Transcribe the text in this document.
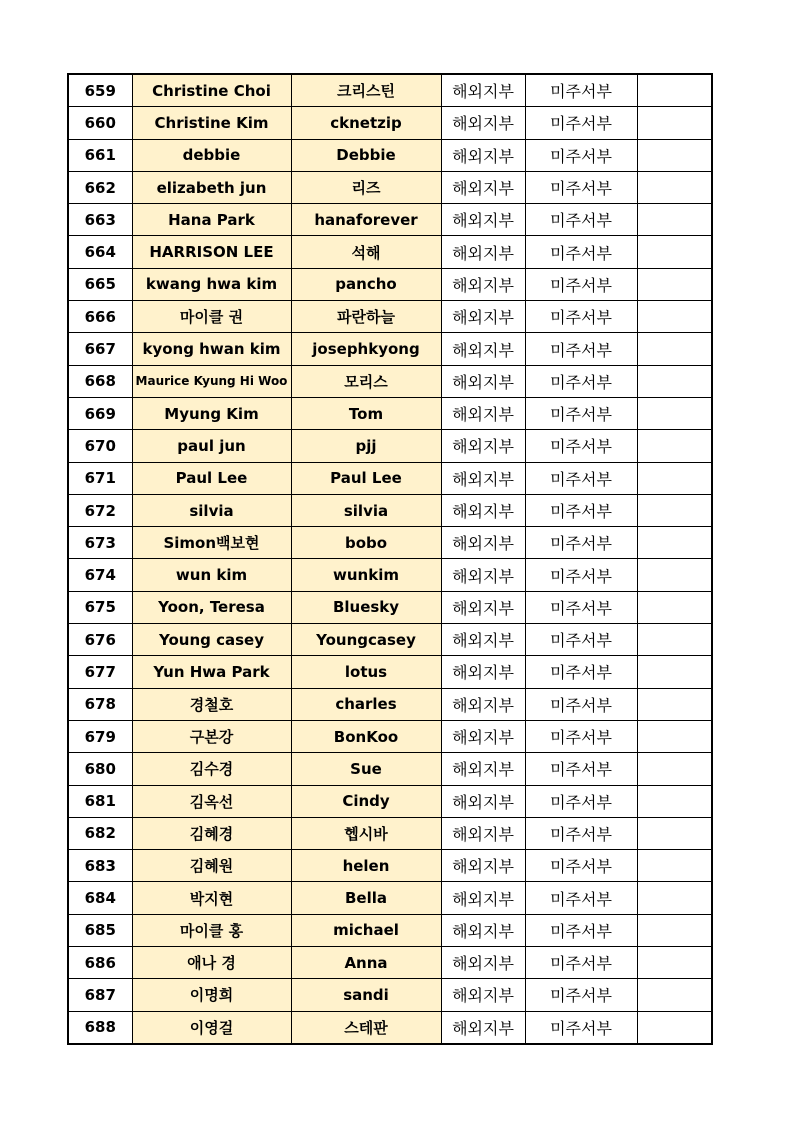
659	Christine Choi	크리스틴	해외지부	미주서부	
660	Christine Kim	cknetzip	해외지부	미주서부	
661	debbie	Debbie	해외지부	미주서부	
662	elizabeth jun	리즈	해외지부	미주서부	
663	Hana Park	hanaforever	해외지부	미주서부	
664	HARRISON LEE	석해	해외지부	미주서부	
665	kwang hwa kim	pancho	해외지부	미주서부	
666	마이클 권	파란하늘	해외지부	미주서부	
667	kyong hwan kim	josephkyong	해외지부	미주서부	
668	Maurice Kyung Hi Woo	모리스	해외지부	미주서부	
669	Myung Kim	Tom	해외지부	미주서부	
670	paul jun	pjj	해외지부	미주서부	
671	Paul Lee	Paul Lee	해외지부	미주서부	
672	silvia	silvia	해외지부	미주서부	
673	Simon백보현	bobo	해외지부	미주서부	
674	wun kim	wunkim	해외지부	미주서부	
675	Yoon, Teresa	Bluesky	해외지부	미주서부	
676	Young casey	Youngcasey	해외지부	미주서부	
677	Yun Hwa Park	lotus	해외지부	미주서부	
678	경철호	charles	해외지부	미주서부	
679	구본강	BonKoo	해외지부	미주서부	
680	김수경	Sue	해외지부	미주서부	
681	김옥선	Cindy	해외지부	미주서부	
682	김혜경	헵시바	해외지부	미주서부	
683	김혜원	helen	해외지부	미주서부	
684	박지현	Bella	해외지부	미주서부	
685	마이클 홍	michael	해외지부	미주서부	
686	애나 경	Anna	해외지부	미주서부	
687	이명희	sandi	해외지부	미주서부	
688	이영걸	스테판	해외지부	미주서부	
